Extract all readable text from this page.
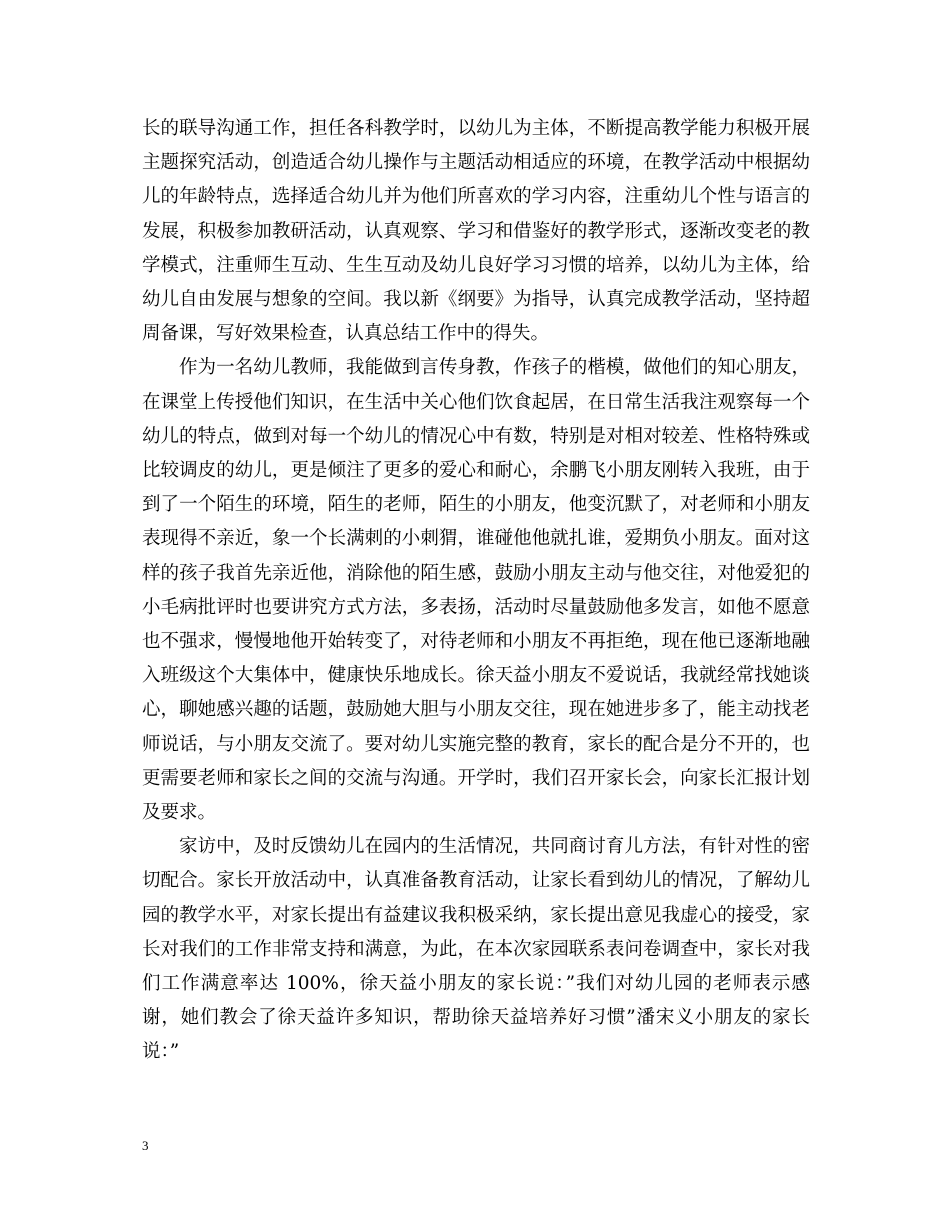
长的联导沟通工作，担任各科教学时，以幼儿为主体，不断提高教学能力积极开展主题探究活动，创造适合幼儿操作与主题活动相适应的环境，在教学活动中根据幼儿的年龄特点，选择适合幼儿并为他们所喜欢的学习内容，注重幼儿个性与语言的发展，积极参加教研活动，认真观察、学习和借鉴好的教学形式，逐渐改变老的教学模式，注重师生互动、生生互动及幼儿良好学习习惯的培养，以幼儿为主体，给幼儿自由发展与想象的空间。我以新《纲要》为指导，认真完成教学活动，坚持超周备课，写好效果检查，认真总结工作中的得失。

作为一名幼儿教师，我能做到言传身教，作孩子的楷模，做他们的知心朋友，在课堂上传授他们知识，在生活中关心他们饮食起居，在日常生活我注观察每一个幼儿的特点，做到对每一个幼儿的情况心中有数，特别是对相对较差、性格特殊或比较调皮的幼儿，更是倾注了更多的爱心和耐心，余鹏飞小朋友刚转入我班，由于到了一个陌生的环境，陌生的老师，陌生的小朋友，他变沉默了，对老师和小朋友表现得不亲近，象一个长满刺的小刺猬，谁碰他他就扎谁，爱期负小朋友。面对这样的孩子我首先亲近他，消除他的陌生感，鼓励小朋友主动与他交往，对他爱犯的小毛病批评时也要讲究方式方法，多表扬，活动时尽量鼓励他多发言，如他不愿意也不强求，慢慢地他开始转变了，对待老师和小朋友不再拒绝，现在他已逐渐地融入班级这个大集体中，健康快乐地成长。徐天益小朋友不爱说话，我就经常找她谈心，聊她感兴趣的话题，鼓励她大胆与小朋友交往，现在她进步多了，能主动找老师说话，与小朋友交流了。要对幼儿实施完整的教育，家长的配合是分不开的，也更需要老师和家长之间的交流与沟通。开学时，我们召开家长会，向家长汇报计划及要求。

家访中，及时反馈幼儿在园内的生活情况，共同商讨育儿方法，有针对性的密切配合。家长开放活动中，认真准备教育活动，让家长看到幼儿的情况，了解幼儿园的教学水平，对家长提出有益建议我积极采纳，家长提出意见我虚心的接受，家长对我们的工作非常支持和满意，为此，在本次家园联系表问卷调查中，家长对我们工作满意率达 100%，徐天益小朋友的家长说：”我们对幼儿园的老师表示感谢，她们教会了徐天益许多知识，帮助徐天益培养好习惯”潘宋义小朋友的家长说：”

3
